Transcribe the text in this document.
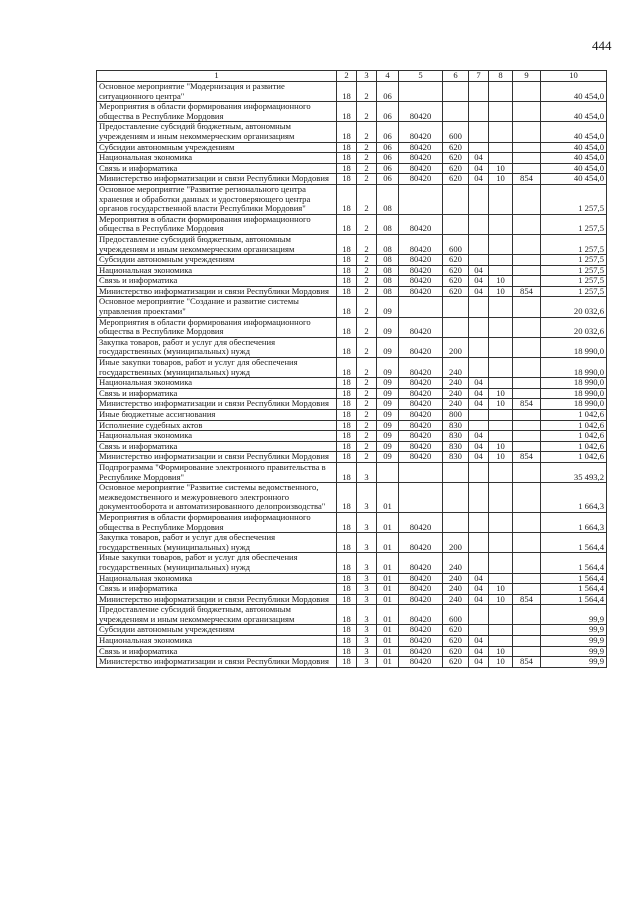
444
1	2	3	4	5	6	7	8	9	10
Основное мероприятие "Модернизация и развитие ситуационного центра"	18	2	06						40 454,0
Мероприятия в области формирования информационного общества в Республике Мордовия	18	2	06	80420					40 454,0
Предоставление субсидий бюджетным, автономным учреждениям и иным некоммерческим организациям	18	2	06	80420	600				40 454,0
Субсидии автономным учреждениям	18	2	06	80420	620				40 454,0
Национальная экономика	18	2	06	80420	620	04			40 454,0
Связь и информатика	18	2	06	80420	620	04	10		40 454,0
Министерство информатизации и связи Республики Мордовия	18	2	06	80420	620	04	10	854	40 454,0
Основное мероприятие "Развитие регионального центра хранения и обработки данных и удостоверяющего центра органов государственной власти Республики Мордовия"	18	2	08						1 257,5
Мероприятия в области формирования информационного общества в Республике Мордовия	18	2	08	80420					1 257,5
Предоставление субсидий бюджетным, автономным учреждениям и иным некоммерческим организациям	18	2	08	80420	600				1 257,5
Субсидии автономным учреждениям	18	2	08	80420	620				1 257,5
Национальная экономика	18	2	08	80420	620	04			1 257,5
Связь и информатика	18	2	08	80420	620	04	10		1 257,5
Министерство информатизации и связи Республики Мордовия	18	2	08	80420	620	04	10	854	1 257,5
Основное мероприятие "Создание и развитие системы управления проектами"	18	2	09						20 032,6
Мероприятия в области формирования информационного общества в Республике Мордовия	18	2	09	80420					20 032,6
Закупка товаров, работ и услуг для обеспечения государственных (муниципальных) нужд	18	2	09	80420	200				18 990,0
Иные закупки товаров, работ и услуг для обеспечения государственных (муниципальных) нужд	18	2	09	80420	240				18 990,0
Национальная экономика	18	2	09	80420	240	04			18 990,0
Связь и информатика	18	2	09	80420	240	04	10		18 990,0
Министерство информатизации и связи Республики Мордовия	18	2	09	80420	240	04	10	854	18 990,0
Иные бюджетные ассигнования	18	2	09	80420	800				1 042,6
Исполнение судебных актов	18	2	09	80420	830				1 042,6
Национальная экономика	18	2	09	80420	830	04			1 042,6
Связь и информатика	18	2	09	80420	830	04	10		1 042,6
Министерство информатизации и связи Республики Мордовия	18	2	09	80420	830	04	10	854	1 042,6
Подпрограмма "Формирование электронного правительства в Республике Мордовия"	18	3							35 493,2
Основное мероприятие "Развитие системы ведомственного, межведомственного и межуровневого электронного документооборота и автоматизированного делопроизводства"	18	3	01						1 664,3
Мероприятия в области формирования информационного общества в Республике Мордовия	18	3	01	80420					1 664,3
Закупка товаров, работ и услуг для обеспечения государственных (муниципальных) нужд	18	3	01	80420	200				1 564,4
Иные закупки товаров, работ и услуг для обеспечения государственных (муниципальных) нужд	18	3	01	80420	240				1 564,4
Национальная экономика	18	3	01	80420	240	04			1 564,4
Связь и информатика	18	3	01	80420	240	04	10		1 564,4
Министерство информатизации и связи Республики Мордовия	18	3	01	80420	240	04	10	854	1 564,4
Предоставление субсидий бюджетным, автономным учреждениям и иным некоммерческим организациям	18	3	01	80420	600				99,9
Субсидии автономным учреждениям	18	3	01	80420	620				99,9
Национальная экономика	18	3	01	80420	620	04			99,9
Связь и информатика	18	3	01	80420	620	04	10		99,9
Министерство информатизации и связи Республики Мордовия	18	3	01	80420	620	04	10	854	99,9
